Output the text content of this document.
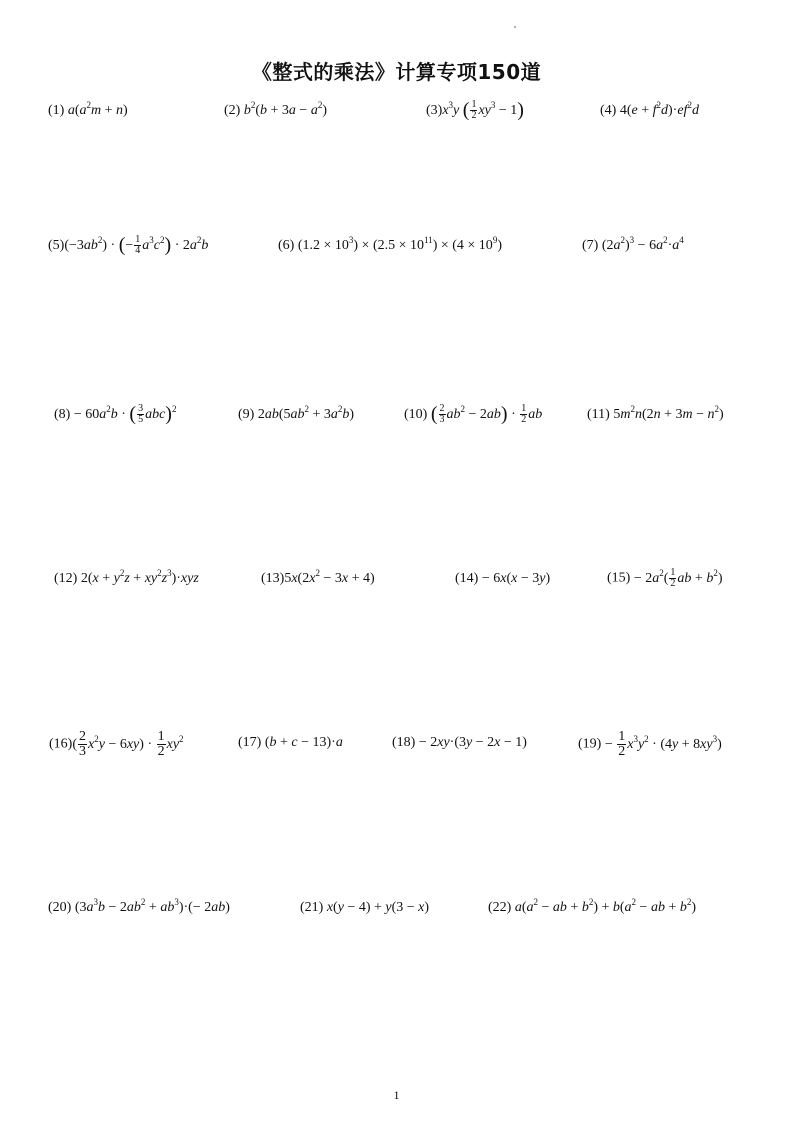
《整式的乘法》计算专项150道
(1) $a(a^2m + n)$	(2) $b^2(b + 3a - a^2)$	$(3)x^3y$ ( $\frac{1}{2} xy^3 - 1$)	(4) $4(e + f^2d)\cdot ef^2d$
$(5)(-3ab^2)$ · (− $\frac{1}{4} a^3c^2) \cdot 2a^2b$	(6) $(1.2 \times 10^3) \times (2.5 \times 10^{11}) \times (4 \times 10^9)$	(7) $(2a^2)^3 - 6a^2\cdot a^4$
$(8) - 60a^2b$ · ( $\frac{3}{5} abc)^2$	(9) $2ab(5ab^2 + 3a^2b)$	(10) ( $\frac{2}{3} ab^2 - 2ab) \cdot \frac{1}{2}$ ab	(11) $5m^2n(2n + 3m - n^2)$
(12) $2(x + y^2z + xy^2z^3)\cdot xyz$	$(13)5x(2x^2 - 3x + 4)$	(14) − 6x(x − 3y)	$(15) - 2a^2( \frac{1}{2}$ ab + $b^2$)
$(16)( \frac{2}{3} x^2y - 6xy) \cdot \frac{1}{2} xy^2$	(17) (b + c − 13)·a	(18) − 2xy·(3y − 2x − 1)	$(19) - \frac{1}{2} x^3y^2 \cdot (4y + 8xy^3)$
(20) $(3a^3b - 2ab^2 + ab^3)\cdot(- 2ab)$	(21) x(y − 4) + y(3 − x)	(22) $a(a^2$ − ab + $b^2) + b(a^2$ − ab + $b^2$)
1
